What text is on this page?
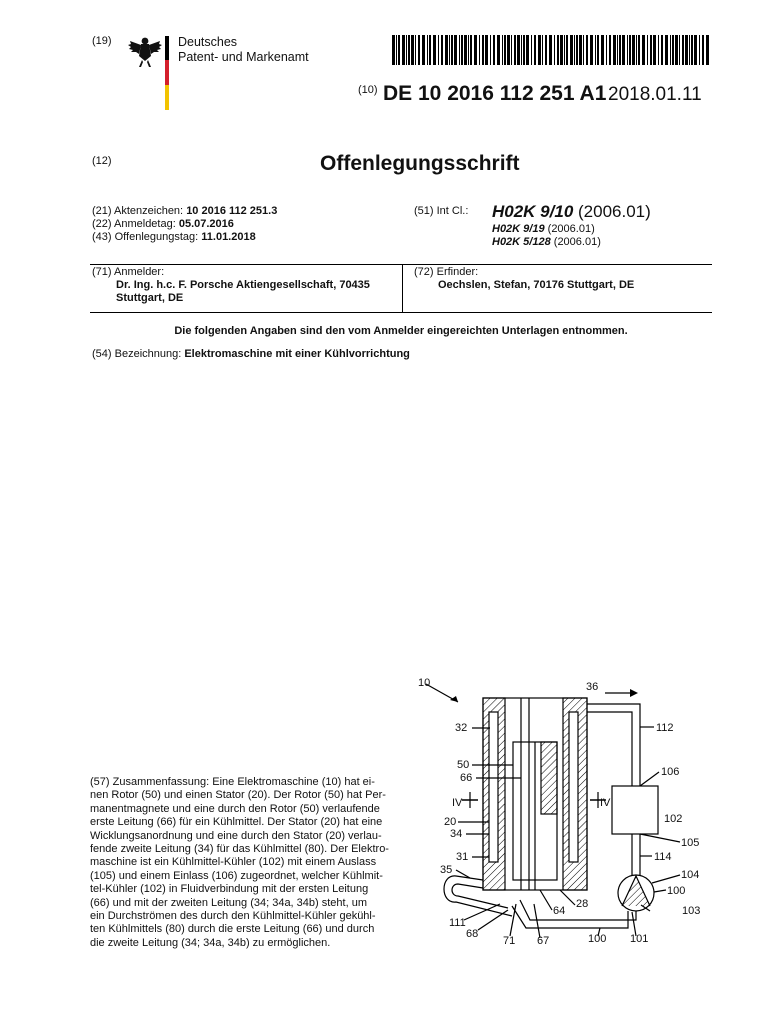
(19)	Deutsches
Patent- und Markenamt
(10) DE 10 2016 112 251 A1 2018.01.11
(12)	Offenlegungsschrift
(21) Aktenzeichen: 10 2016 112 251.3
(22) Anmeldetag: 05.07.2016
(43) Offenlegungstag: 11.01.2018
(51) Int Cl.: H02K 9/10 (2006.01)
H02K 9/19 (2006.01)
H02K 5/128 (2006.01)
(71) Anmelder:
Dr. Ing. h.c. F. Porsche Aktiengesellschaft, 70435
Stuttgart, DE
(72) Erfinder:
Oechslen, Stefan, 70176 Stuttgart, DE
Die folgenden Angaben sind den vom Anmelder eingereichten Unterlagen entnommen.
(54) Bezeichnung: Elektromaschine mit einer Kühlvorrichtung
(57) Zusammenfassung: Eine Elektromaschine (10) hat ei-
nen Rotor (50) und einen Stator (20). Der Rotor (50) hat Per-
manentmagnete und eine durch den Rotor (50) verlaufende
erste Leitung (66) für ein Kühlmittel. Der Stator (20) hat eine
Wicklungsanordnung und eine durch den Stator (20) verlau-
fende zweite Leitung (34) für das Kühlmittel (80). Der Elektro-
maschine ist ein Kühlmittel-Kühler (102) mit einem Auslass
(105) und einem Einlass (106) zugeordnet, welcher Kühlmit-
tel-Kühler (102) in Fluidverbindung mit der ersten Leitung
(66) und mit der zweiten Leitung (34; 34a, 34b) steht, um
ein Durchströmen des durch den Kühlmittel-Kühler gekühl-
ten Kühlmittels (80) durch die erste Leitung (66) und durch
die zweite Leitung (34; 34a, 34b) zu ermöglichen.
10	36
32	112
106
50
66
IV	IV
102
20
34
105
114
31
35	104
100
28
103
64
111
68
71 67	100 101
